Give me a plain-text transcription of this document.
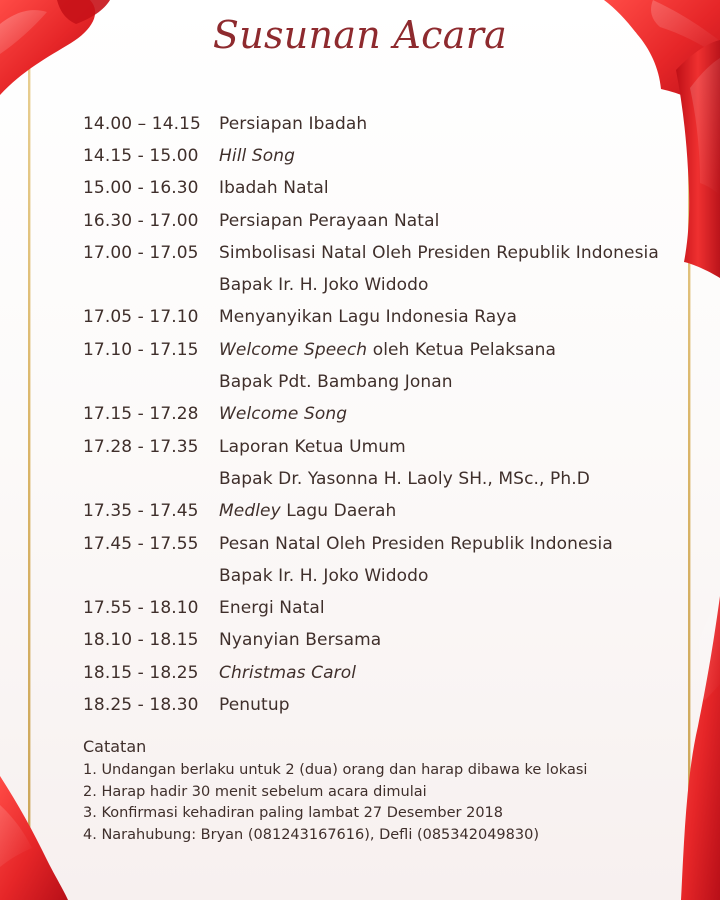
Susunan Acara
14.00 – 14.15	Persiapan Ibadah
14.15 - 15.00	Hill Song
15.00 - 16.30	Ibadah Natal
16.30 - 17.00	Persiapan Perayaan Natal
17.00 - 17.05	Simbolisasi Natal Oleh Presiden Republik Indonesia
Bapak Ir. H. Joko Widodo
17.05 - 17.10	Menyanyikan Lagu Indonesia Raya
17.10 - 17.15	Welcome Speech oleh Ketua Pelaksana
Bapak Pdt. Bambang Jonan
17.15 - 17.28	Welcome Song
17.28 - 17.35	Laporan Ketua Umum
Bapak Dr. Yasonna H. Laoly SH., MSc., Ph.D
17.35 - 17.45	Medley Lagu Daerah
17.45 - 17.55	Pesan Natal Oleh Presiden Republik Indonesia
Bapak Ir. H. Joko Widodo
17.55 - 18.10	Energi Natal
18.10 - 18.15	Nyanyian Bersama
18.15 - 18.25	Christmas Carol
18.25 - 18.30	Penutup
Catatan
1. Undangan berlaku untuk 2 (dua) orang dan harap dibawa ke lokasi
2. Harap hadir 30 menit sebelum acara dimulai
3. Konfirmasi kehadiran paling lambat 27 Desember 2018
4. Narahubung: Bryan (081243167616), Defli (085342049830)
